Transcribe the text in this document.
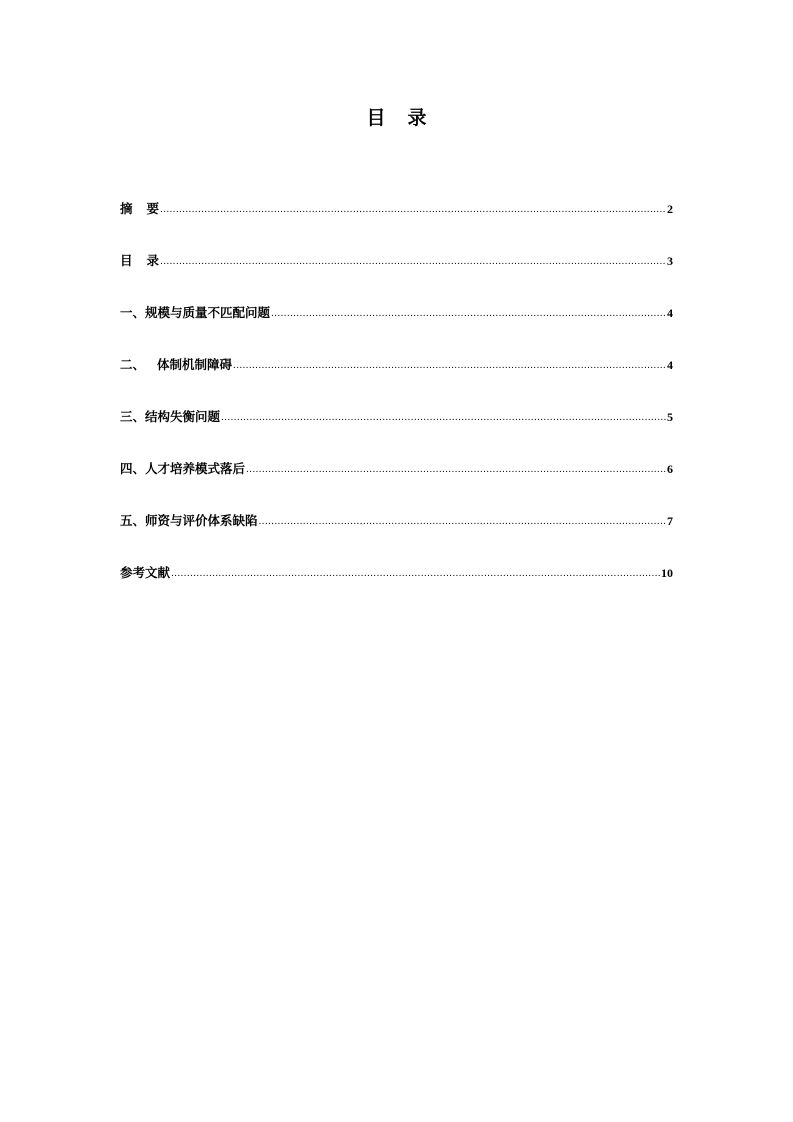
目 录
摘 要 .....	2
目 录 .....	3
一、规模与质量不匹配问题 .....	4
二、 体制机制障碍 .....	4
三、结构失衡问题 .....	5
四、人才培养模式落后 .....	6
五、师资与评价体系缺陷 .....	7
参考文献 .....	10
